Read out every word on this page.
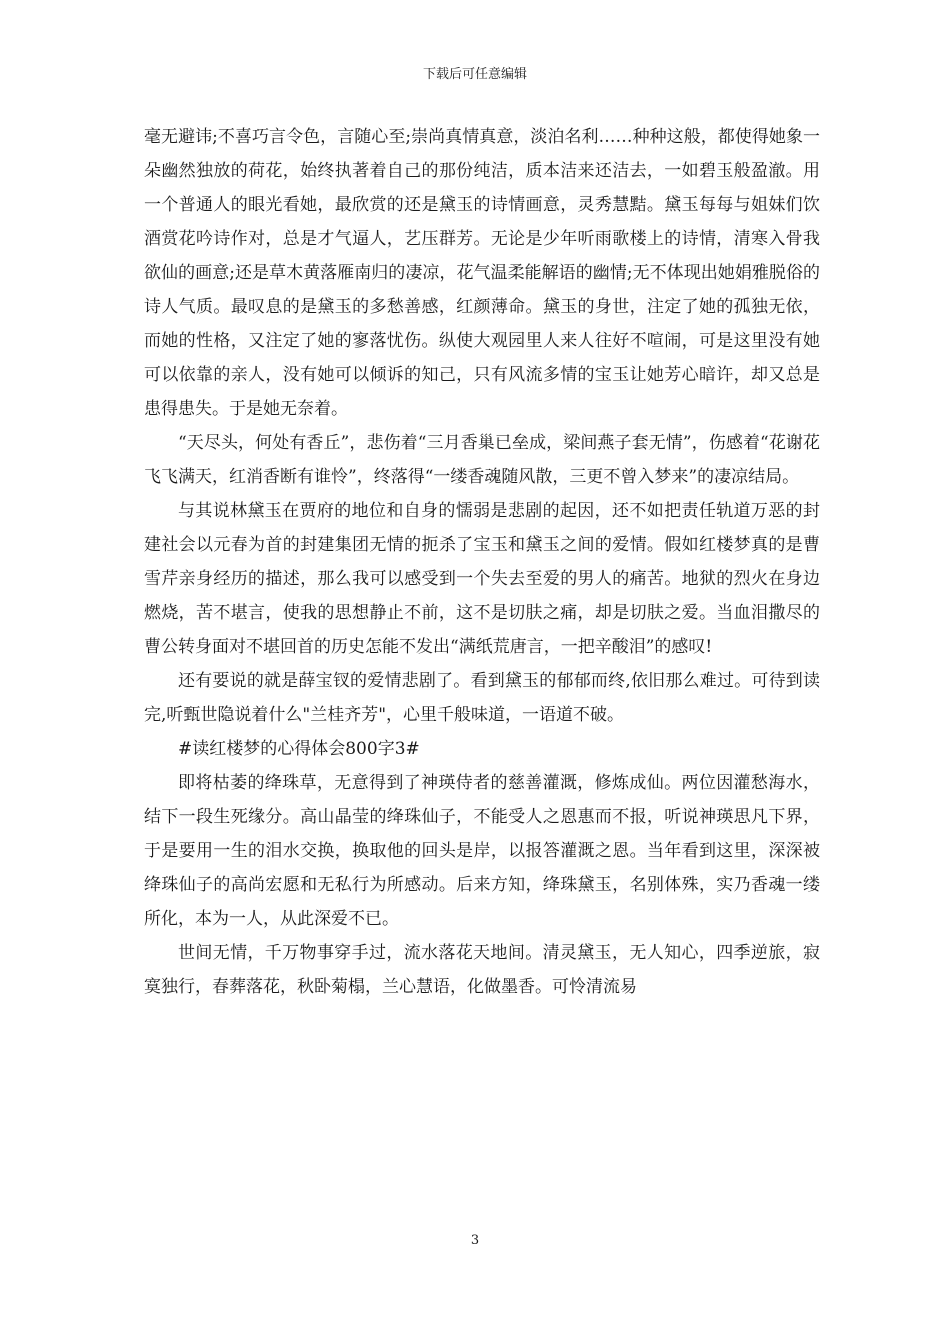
下载后可任意编辑

毫无避讳;不喜巧言令色，言随心至;崇尚真情真意，淡泊名利……种种这般，都使得她象一朵幽然独放的荷花，始终执著着自己的那份纯洁，质本洁来还洁去，一如碧玉般盈澈。用一个普通人的眼光看她，最欣赏的还是黛玉的诗情画意，灵秀慧黠。黛玉每每与姐妹们饮酒赏花吟诗作对，总是才气逼人，艺压群芳。无论是少年听雨歌楼上的诗情，清寒入骨我欲仙的画意;还是草木黄落雁南归的凄凉，花气温柔能解语的幽情;无不体现出她娟雅脱俗的诗人气质。最叹息的是黛玉的多愁善感，红颜薄命。黛玉的身世，注定了她的孤独无依，而她的性格，又注定了她的寥落忧伤。纵使大观园里人来人往好不喧闹，可是这里没有她可以依靠的亲人，没有她可以倾诉的知己，只有风流多情的宝玉让她芳心暗许，却又总是患得患失。于是她无奈着。

“天尽头，何处有香丘”，悲伤着“三月香巢已垒成，梁间燕子套无情”，伤感着“花谢花飞飞满天，红消香断有谁怜”，终落得“一缕香魂随风散，三更不曾入梦来”的凄凉结局。

与其说林黛玉在贾府的地位和自身的懦弱是悲剧的起因，还不如把责任轨道万恶的封建社会以元春为首的封建集团无情的扼杀了宝玉和黛玉之间的爱情。假如红楼梦真的是曹雪芹亲身经历的描述，那么我可以感受到一个失去至爱的男人的痛苦。地狱的烈火在身边燃烧，苦不堪言，使我的思想静止不前，这不是切肤之痛，却是切肤之爱。当血泪撒尽的曹公转身面对不堪回首的历史怎能不发出“满纸荒唐言，一把辛酸泪”的感叹!

还有要说的就是薛宝钗的爱情悲剧了。看到黛玉的郁郁而终,依旧那么难过。可待到读完,听甄世隐说着什么"兰桂齐芳"，心里千般味道，一语道不破。

#读红楼梦的心得体会800字3#

即将枯萎的绛珠草，无意得到了神瑛侍者的慈善灌溉，修炼成仙。两位因灌愁海水，结下一段生死缘分。高山晶莹的绛珠仙子，不能受人之恩惠而不报，听说神瑛思凡下界，于是要用一生的泪水交换，换取他的回头是岸，以报答灌溉之恩。当年看到这里，深深被绛珠仙子的高尚宏愿和无私行为所感动。后来方知，绛珠黛玉，名别体殊，实乃香魂一缕所化，本为一人，从此深爱不已。

世间无情，千万物事穿手过，流水落花天地间。清灵黛玉，无人知心，四季逆旅，寂寞独行，春葬落花，秋卧菊榻，兰心慧语，化做墨香。可怜清流易

3
